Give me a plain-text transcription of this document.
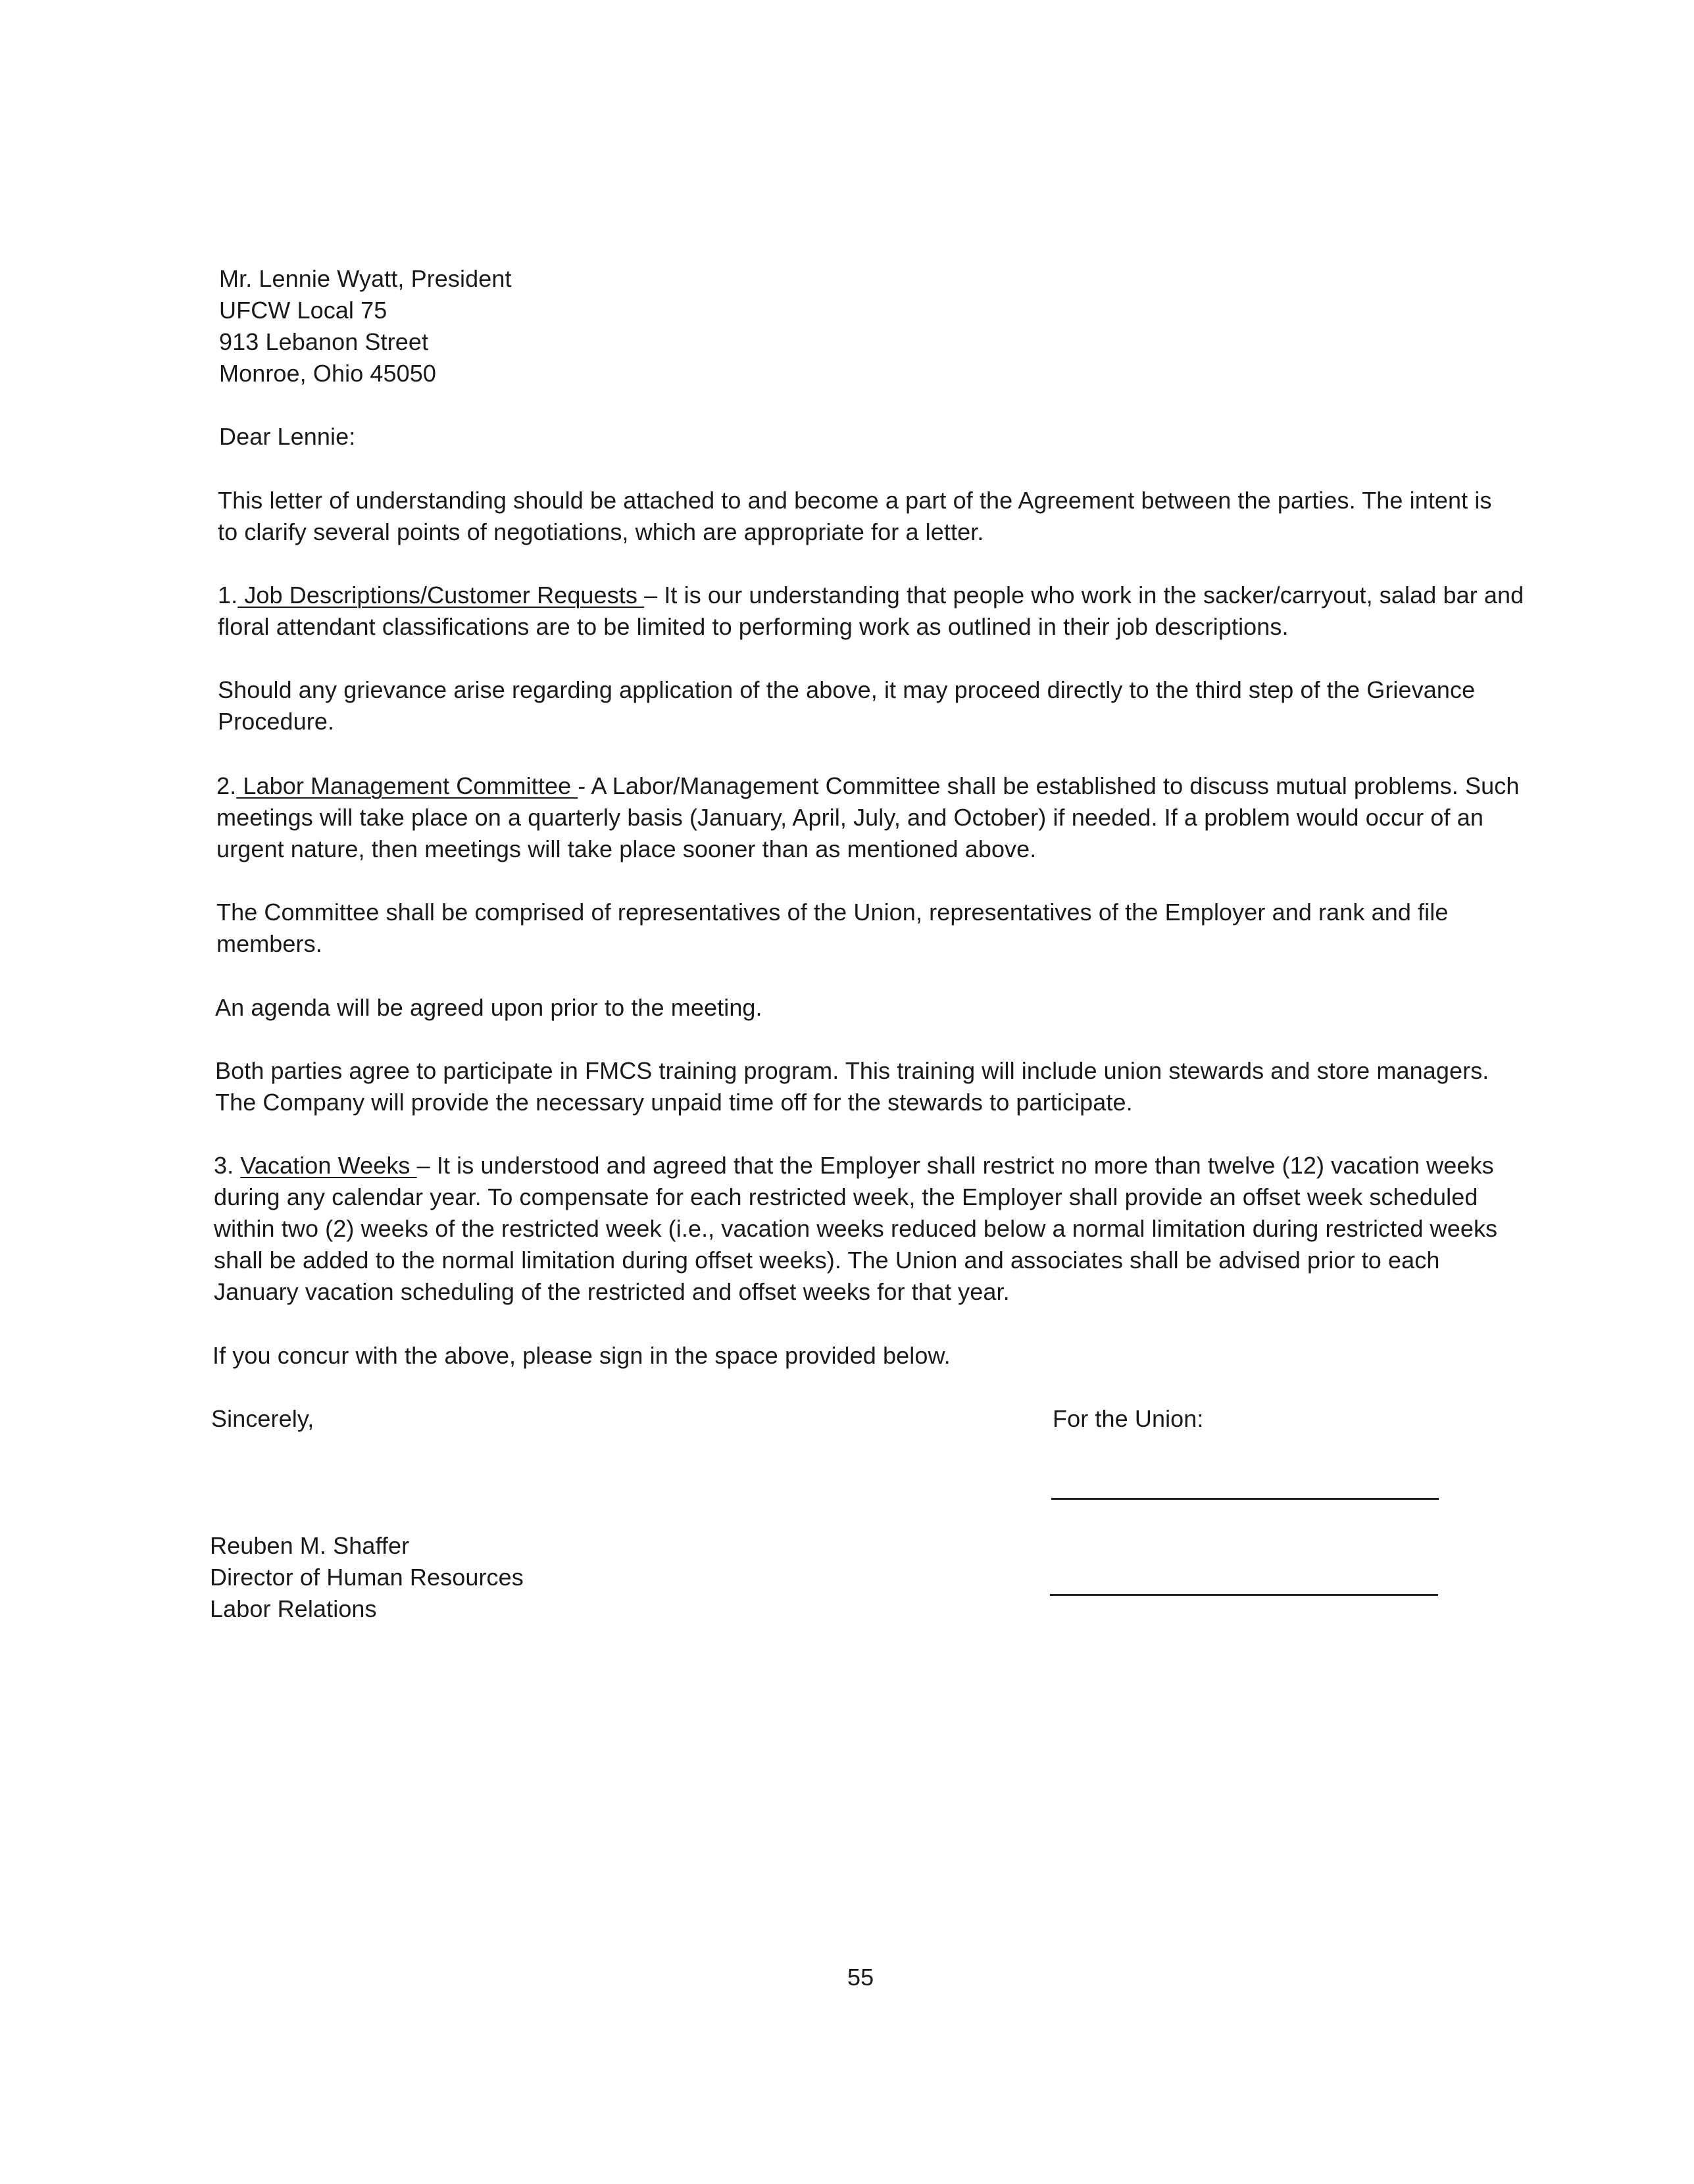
Mr. Lennie Wyatt, President
UFCW Local 75
913 Lebanon Street
Monroe, Ohio 45050
Dear Lennie:
This letter of understanding should be attached to and become a part of the Agreement between the parties. The intent is
to clarify several points of negotiations, which are appropriate for a letter.
1. Job Descriptions/Customer Requests – It is our understanding that people who work in the sacker/carryout, salad bar and
floral attendant classifications are to be limited to performing work as outlined in their job descriptions.
Should any grievance arise regarding application of the above, it may proceed directly to the third step of the Grievance
Procedure.
2. Labor Management Committee - A Labor/Management Committee shall be established to discuss mutual problems. Such
meetings will take place on a quarterly basis (January, April, July, and October) if needed. If a problem would occur of an
urgent nature, then meetings will take place sooner than as mentioned above.
The Committee shall be comprised of representatives of the Union, representatives of the Employer and rank and file
members.
An agenda will be agreed upon prior to the meeting.
Both parties agree to participate in FMCS training program. This training will include union stewards and store managers.
The Company will provide the necessary unpaid time off for the stewards to participate.
3. Vacation Weeks – It is understood and agreed that the Employer shall restrict no more than twelve (12) vacation weeks
during any calendar year. To compensate for each restricted week, the Employer shall provide an offset week scheduled
within two (2) weeks of the restricted week (i.e., vacation weeks reduced below a normal limitation during restricted weeks
shall be added to the normal limitation during offset weeks). The Union and associates shall be advised prior to each
January vacation scheduling of the restricted and offset weeks for that year.
If you concur with the above, please sign in the space provided below.
Sincerely,	For the Union:
Reuben M. Shaffer
Director of Human Resources
Labor Relations
55
